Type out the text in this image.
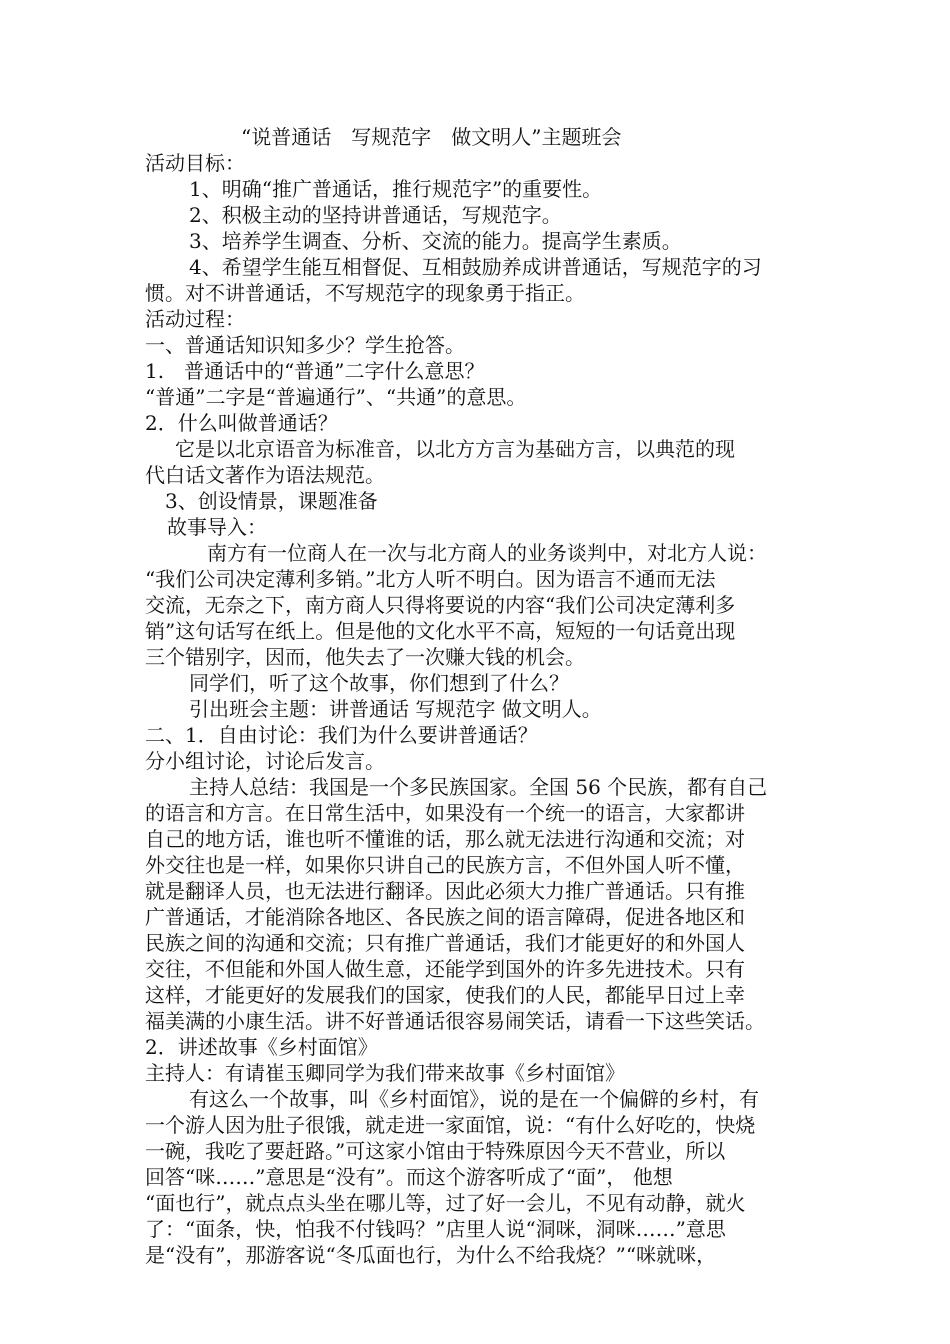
“说普通话　写规范字　做文明人”主题班会
活动目标：
1、明确“推广普通话，推行规范字”的重要性。
2、积极主动的坚持讲普通话，写规范字。
3、培养学生调查、分析、交流的能力。提高学生素质。
4、希望学生能互相督促、互相鼓励养成讲普通话，写规范字的习
惯。对不讲普通话，不写规范字的现象勇于指正。
活动过程：
一、普通话知识知多少？学生抢答。
1.　普通话中的“普通”二字什么意思？
“普通”二字是“普遍通行”、“共通”的意思。
2．什么叫做普通话？
它是以北京语音为标准音，以北方方言为基础方言，以典范的现
代白话文著作为语法规范。
3、创设情景，课题准备
故事导入：
南方有一位商人在一次与北方商人的业务谈判中，对北方人说：
“我们公司决定薄利多销。”北方人听不明白。因为语言不通而无法
交流，无奈之下，南方商人只得将要说的内容“我们公司决定薄利多
销”这句话写在纸上。但是他的文化水平不高，短短的一句话竟出现
三个错别字，因而，他失去了一次赚大钱的机会。
同学们，听了这个故事，你们想到了什么？
引出班会主题：讲普通话 写规范字 做文明人。
二、1．自由讨论：我们为什么要讲普通话？
分小组讨论，讨论后发言。
主持人总结：我国是一个多民族国家。全国 56 个民族，都有自己
的语言和方言。在日常生活中，如果没有一个统一的语言，大家都讲
自己的地方话，谁也听不懂谁的话，那么就无法进行沟通和交流；对
外交往也是一样，如果你只讲自己的民族方言，不但外国人听不懂，
就是翻译人员，也无法进行翻译。因此必须大力推广普通话。只有推
广普通话，才能消除各地区、各民族之间的语言障碍，促进各地区和
民族之间的沟通和交流；只有推广普通话，我们才能更好的和外国人
交往，不但能和外国人做生意，还能学到国外的许多先进技术。只有
这样，才能更好的发展我们的国家，使我们的人民，都能早日过上幸
福美满的小康生活。讲不好普通话很容易闹笑话，请看一下这些笑话。
2．讲述故事《乡村面馆》
主持人：有请崔玉卿同学为我们带来故事《乡村面馆》
有这么一个故事，叫《乡村面馆》，说的是在一个偏僻的乡村，有
一个游人因为肚子很饿，就走进一家面馆，说：“有什么好吃的，快烧
一碗，我吃了要赶路。”可这家小馆由于特殊原因今天不营业，所以
回答“咪……”意思是“没有”。而这个游客听成了“面”， 他想
“面也行”，就点点头坐在哪儿等，过了好一会儿，不见有动静，就火
了：“面条，快，怕我不付钱吗？”店里人说“洞咪，洞咪……”意思
是“没有”，那游客说“冬瓜面也行，为什么不给我烧？”“咪就咪，
